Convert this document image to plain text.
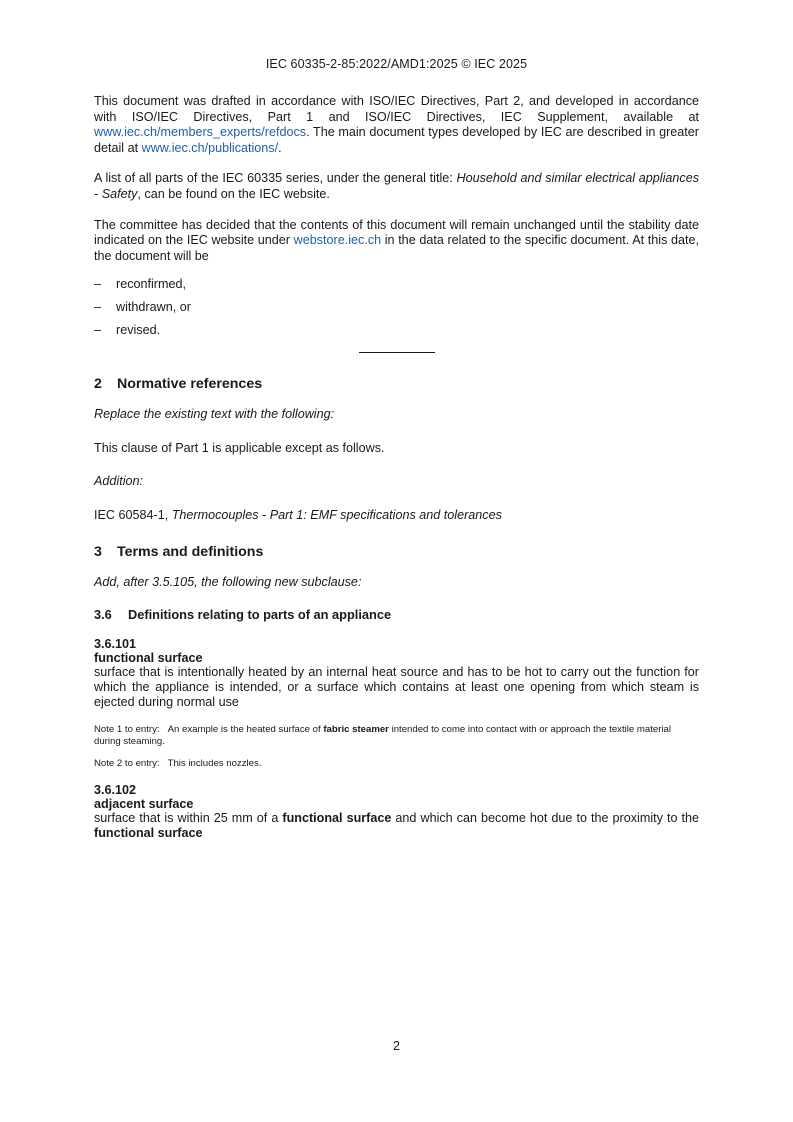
IEC 60335-2-85:2022/AMD1:2025 © IEC 2025

This document was drafted in accordance with ISO/IEC Directives, Part 2, and developed in accordance with ISO/IEC Directives, Part 1 and ISO/IEC Directives, IEC Supplement, available at www.iec.ch/members_experts/refdocs. The main document types developed by IEC are described in greater detail at www.iec.ch/publications/.

A list of all parts of the IEC 60335 series, under the general title: Household and similar electrical appliances - Safety, can be found on the IEC website.

The committee has decided that the contents of this document will remain unchanged until the stability date indicated on the IEC website under webstore.iec.ch in the data related to the specific document. At this date, the document will be

–	reconfirmed,
–	withdrawn, or
–	revised.
2 Normative references

Replace the existing text with the following:

This clause of Part 1 is applicable except as follows.

Addition:

IEC 60584-1, Thermocouples - Part 1: EMF specifications and tolerances

3 Terms and definitions

Add, after 3.5.105, the following new subclause:

3.6 Definitions relating to parts of an appliance

3.6.101

functional surface

surface that is intentionally heated by an internal heat source and has to be hot to carry out the function for which the appliance is intended, or a surface which contains at least one opening from which steam is ejected during normal use

Note 1 to entry: An example is the heated surface of fabric steamer intended to come into contact with or approach the textile material during steaming.

Note 2 to entry: This includes nozzles.

3.6.102

adjacent surface

surface that is within 25 mm of a functional surface and which can become hot due to the proximity to the functional surface

2
